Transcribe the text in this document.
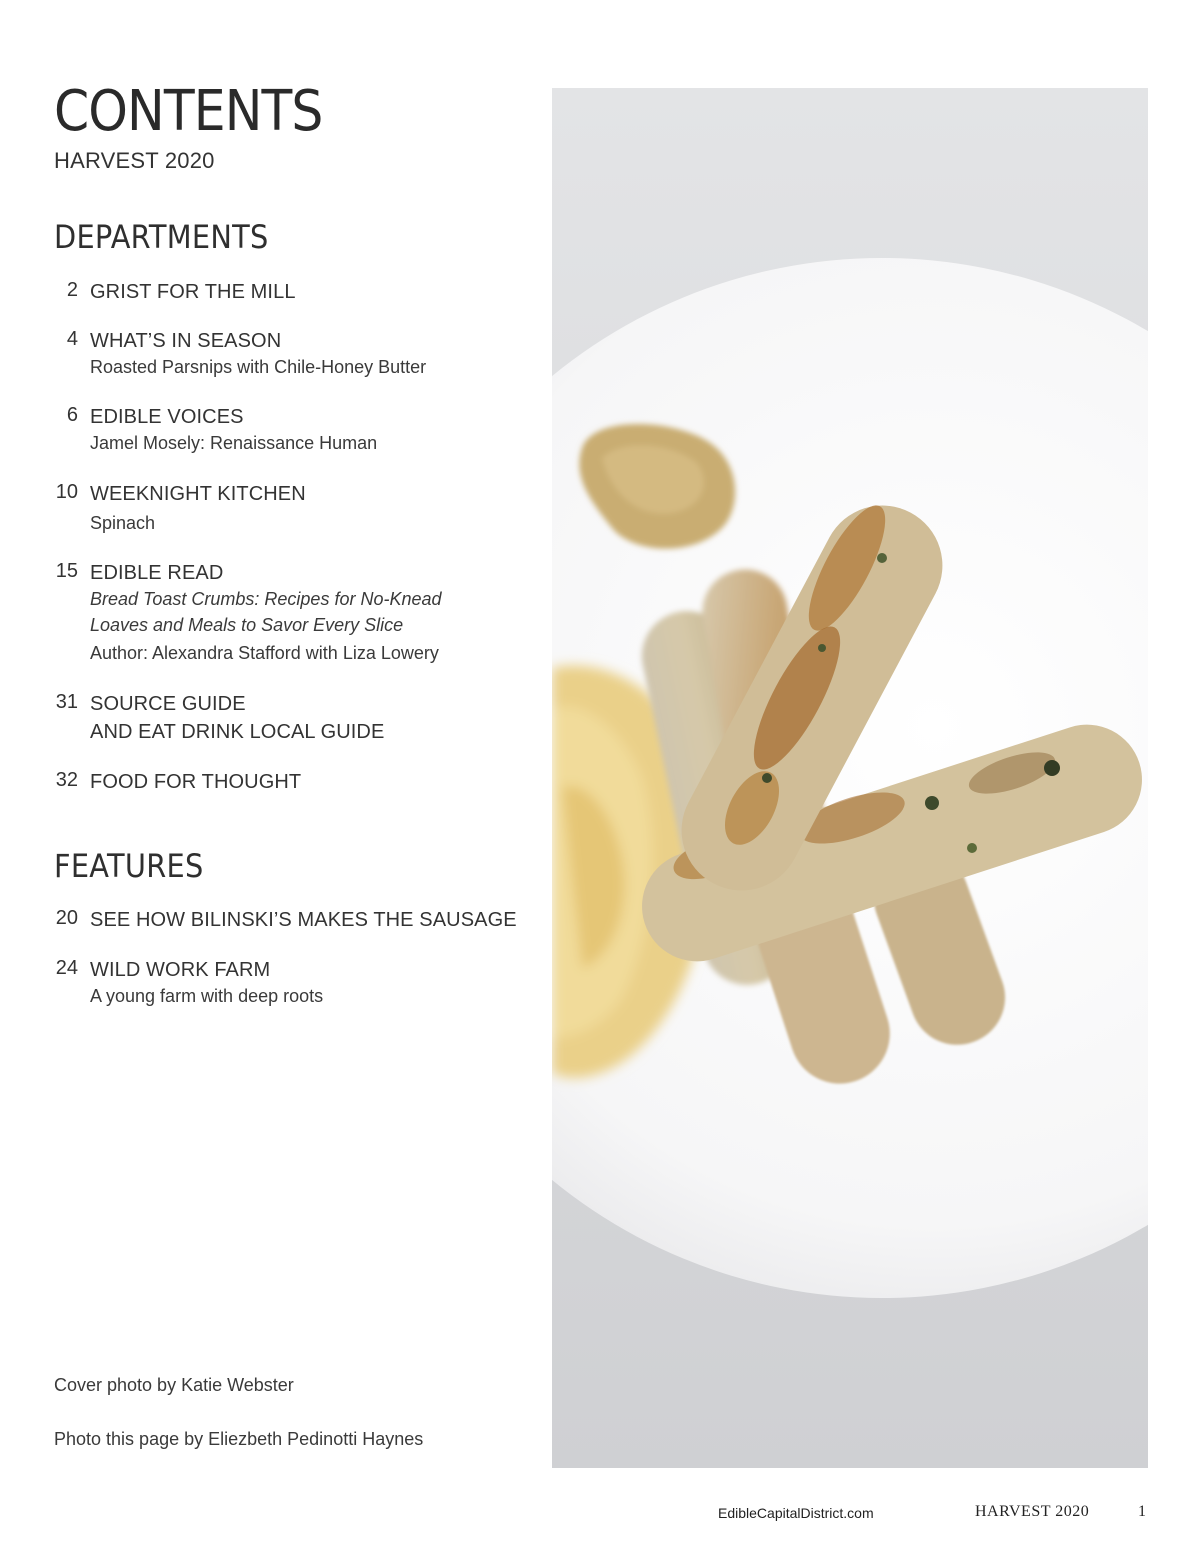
CONTENTS
HARVEST 2020
DEPARTMENTS
2 GRIST FOR THE MILL
4 WHAT’S IN SEASON
Roasted Parsnips with Chile-Honey Butter
6 EDIBLE VOICES
Jamel Mosely: Renaissance Human
10 WEEKNIGHT KITCHEN
Spinach
15 EDIBLE READ
Bread Toast Crumbs: Recipes for No-Knead
Loaves and Meals to Savor Every Slice
Author: Alexandra Stafford with Liza Lowery
31 SOURCE GUIDE
AND EAT DRINK LOCAL GUIDE
32 FOOD FOR THOUGHT
FEATURES
20 SEE HOW BILINSKI’S MAKES THE SAUSAGE
24 WILD WORK FARM
A young farm with deep roots
Cover photo by Katie Webster
Photo this page by Eliezbeth Pedinotti Haynes
EdibleCapitalDistrict.com	HARVEST 2020	1
